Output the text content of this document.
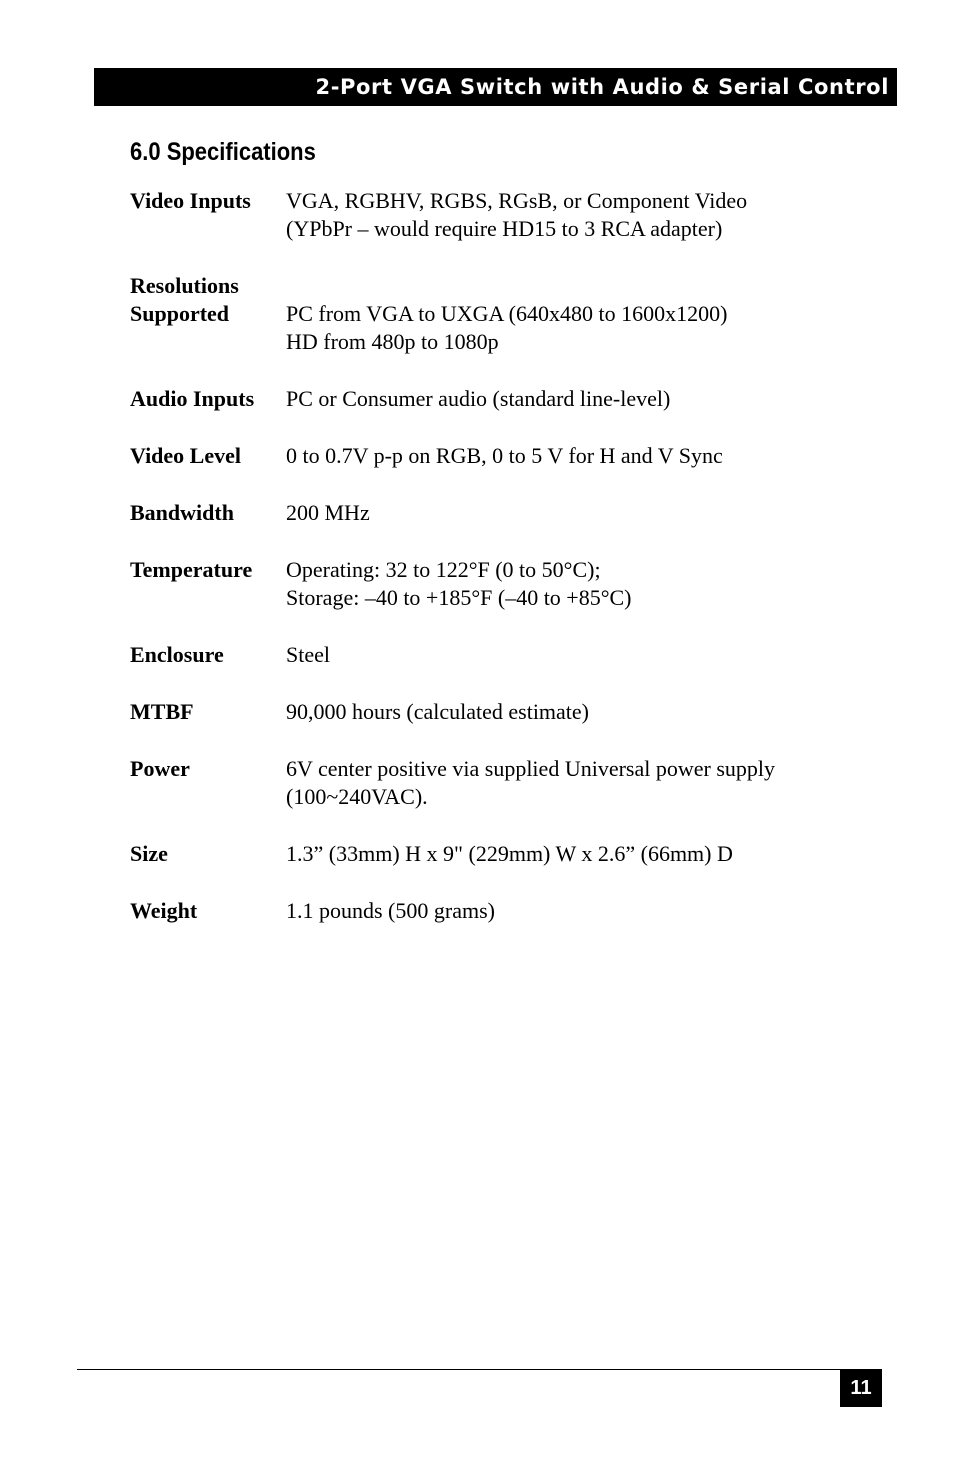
2-Port VGA Switch with Audio & Serial Control
6.0 Specifications
Video Inputs	VGA, RGBHV, RGBS, RGsB, or Component Video
(YPbPr – would require HD15 to 3 RCA adapter)
Resolutions
Supported
	PC from VGA to UXGA (640x480 to 1600x1200)
HD from 480p to 1080p
Audio Inputs	PC or Consumer audio (standard line-level)
Video Level	0 to 0.7V p-p on RGB, 0 to 5 V for H and V Sync
Bandwidth	200 MHz
Temperature	Operating: 32 to 122°F (0 to 50°C);
Storage: –40 to +185°F (–40 to +85°C)
Enclosure	Steel
MTBF	90,000 hours (calculated estimate)
Power	6V center positive via supplied Universal power supply
(100~240VAC).
Size	1.3” (33mm) H x 9" (229mm) W x 2.6” (66mm) D
Weight	1.1 pounds (500 grams)
11
